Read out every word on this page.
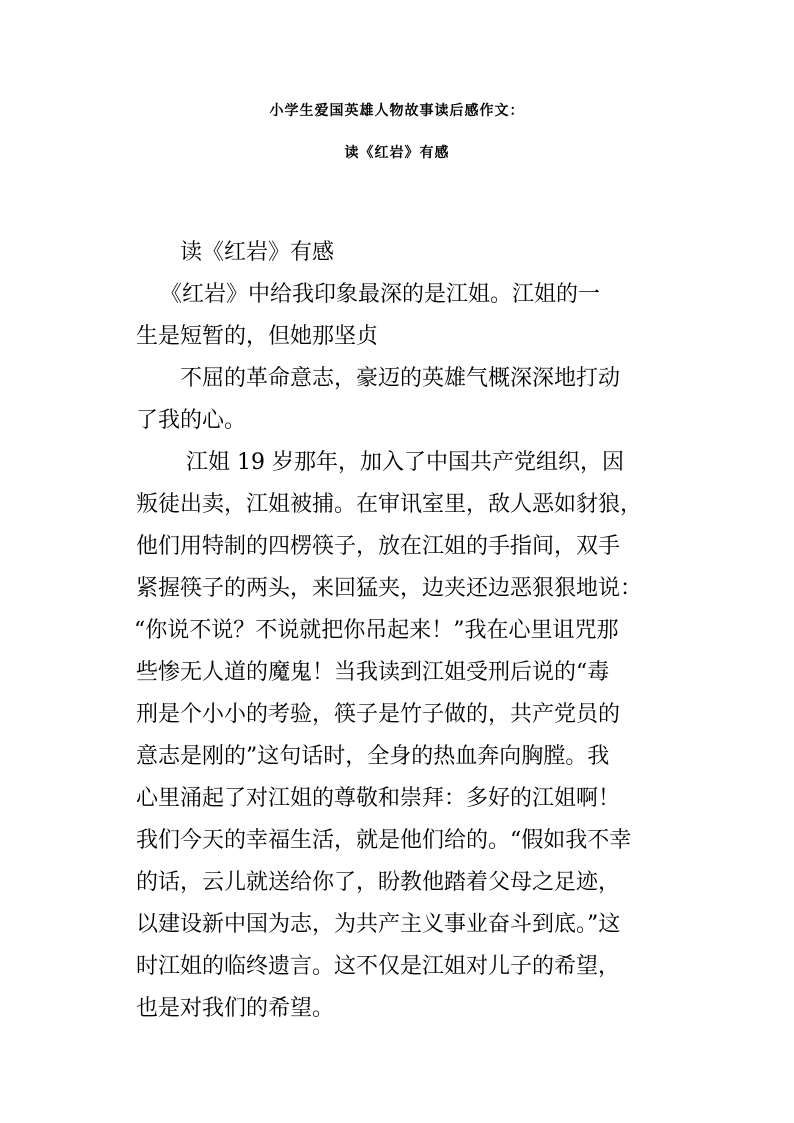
小学生爱国英雄人物故事读后感作文：
读《红岩》有感
读《红岩》有感
《红岩》中给我印象最深的是江姐。江姐的一
生是短暂的，但她那坚贞
不屈的革命意志，豪迈的英雄气概深深地打动
了我的心。
江姐 19 岁那年，加入了中国共产党组织，因
叛徒出卖，江姐被捕。在审讯室里，敌人恶如豺狼，
他们用特制的四楞筷子，放在江姐的手指间，双手
紧握筷子的两头，来回猛夹，边夹还边恶狠狠地说：
“你说不说？不说就把你吊起来！”我在心里诅咒那
些惨无人道的魔鬼！当我读到江姐受刑后说的“毒
刑是个小小的考验，筷子是竹子做的，共产党员的
意志是刚的”这句话时，全身的热血奔向胸膛。我
心里涌起了对江姐的尊敬和崇拜：多好的江姐啊！
我们今天的幸福生活，就是他们给的。“假如我不幸
的话，云儿就送给你了，盼教他踏着父母之足迹，
以建设新中国为志，为共产主义事业奋斗到底。”这
时江姐的临终遗言。这不仅是江姐对儿子的希望，
也是对我们的希望。
